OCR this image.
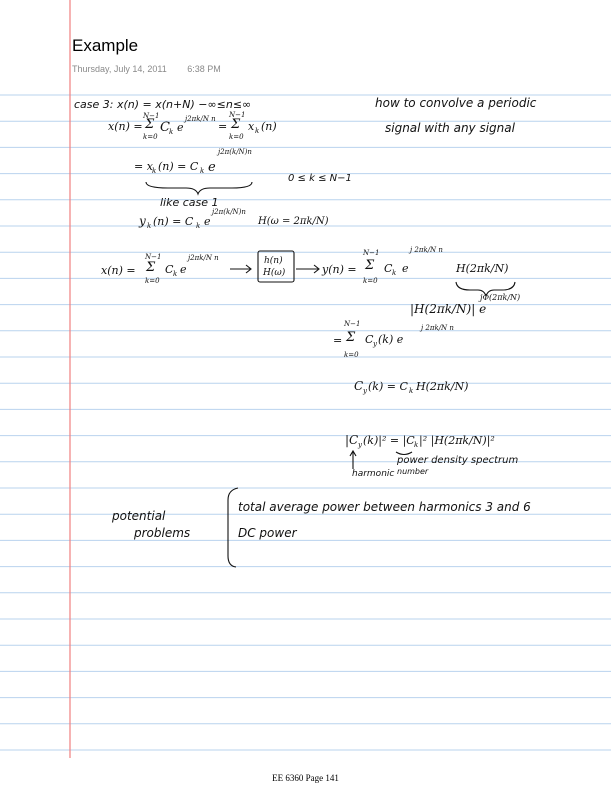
Example
Thursday, July 14, 2011 6:38 PM
case 3: x(n) = x(n+N) −∞≤n≤∞	how to convolve a periodic
signal with any signal
x(n) =
N−1
Σ
k=0
C k e
j2πk/N n
=
N−1
Σ
k=0
x k (n)
= x k (n) = C k e
j2π(k/N)n
0 ≤ k ≤ N−1
like case 1
y k (n) = C k e
j2π(k/N)n
H(ω = 2πk/N)
x(n) =
N−1
Σ
k=0
C k e
j2πk/N n	h(n)
H(ω)	y(n) =
N−1
Σ
k=0
C k e
j 2πk/N n
H(2πk/N)
|H(2πk/N)| e
jΦ(2πk/N)
=
N−1
Σ
k=0
C y (k) e
j 2πk/N n
C y (k) = C k H(2πk/N)
|C y (k)|² = |C k |² |H(2πk/N)|²
harmonic number
power density spectrum
potential
problems
total average power between harmonics 3 and 6
DC power
EE 6360 Page 141
